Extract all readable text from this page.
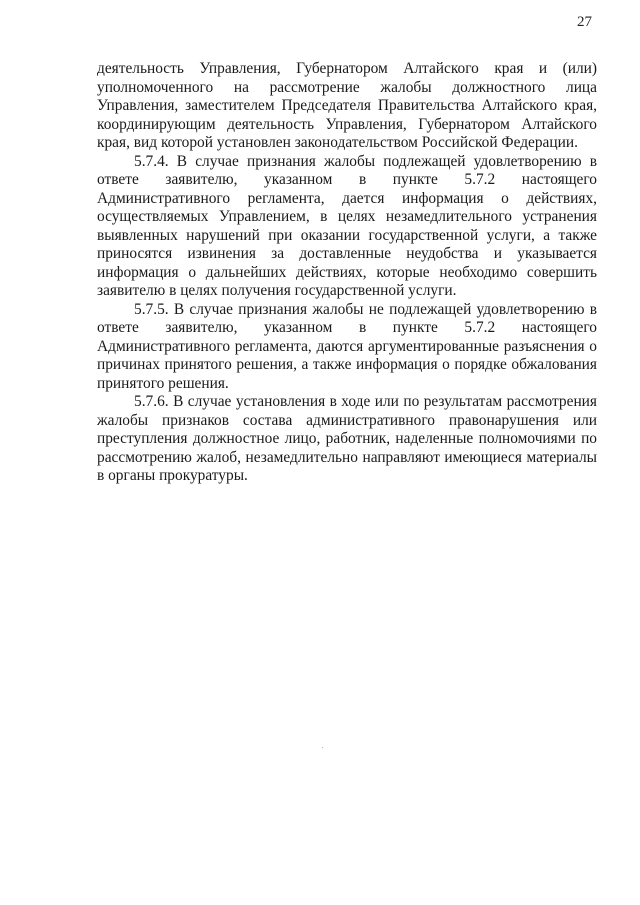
27

деятельность Управления, Губернатором Алтайского края и (или) уполномоченного на рассмотрение жалобы должностного лица Управления, заместителем Председателя Правительства Алтайского края, координирующим деятельность Управления, Губернатором Алтайского края, вид которой установлен законодательством Российской Федерации.

5.7.4. В случае признания жалобы подлежащей удовлетворению в ответе заявителю, указанном в пункте 5.7.2 настоящего Административного регламента, дается информация о действиях, осуществляемых Управлением, в целях незамедлительного устранения выявленных нарушений при оказании государственной услуги, а также приносятся извинения за доставленные неудобства и указывается информация о дальнейших действиях, которые необходимо совершить заявителю в целях получения государственной услуги.

5.7.5. В случае признания жалобы не подлежащей удовлетворению в ответе заявителю, указанном в пункте 5.7.2 настоящего Административного регламента, даются аргументированные разъяснения о причинах принятого решения, а также информация о порядке обжалования принятого решения.

5.7.6. В случае установления в ходе или по результатам рассмотрения жалобы признаков состава административного правонарушения или преступления должностное лицо, работник, наделенные полномочиями по рассмотрению жалоб, незамедлительно направляют имеющиеся материалы в органы прокуратуры.
